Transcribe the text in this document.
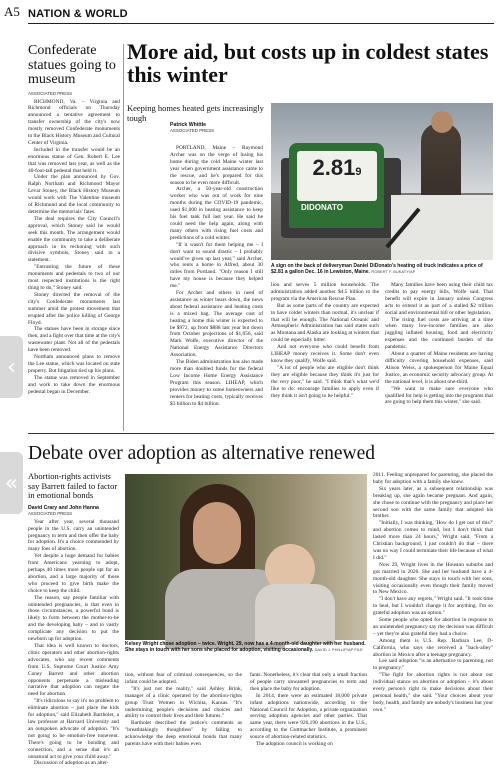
A5 NATION & WORLD
Confederate statues going to museum
ASSOCIATED PRESS

RICHMOND, Va. – Virginia and Richmond officials on Thursday announced a tentative agreement to transfer ownership of the city's now mostly removed Confederate monuments to the Black History Museum and Cultural Center of Virginia.

Included in the transfer would be an enormous statue of Gen. Robert E. Lee that was removed last year, as well as the 40-foot-tall pedestal that held it.

Under the plan announced by Gov. Ralph Northam and Richmond Mayor Levar Stoney, the Black History Museum would work with The Valentine museum of Richmond and the local community to determine the memorials' fates.

The deal requires the City Council's approval, which Stoney said he would seek this month. The arrangement would enable the community to take a deliberate approach in its reckoning with such divisive symbols, Stoney said in a statement.

"Entrusting the future of these monuments and pedestals to two of our most respected institutions is the right thing to do," Stoney said.

Stoney directed the removal of the city's Confederate monuments last summer amid the protest movement that erupted after the police killing of George Floyd.

The statues have been in storage since then, and a fight over that time at the city's wastewater plant. Not all of the pedestals have been removed.

Northam announced plans to remove the Lee statue, which was located on state property. But litigation tied up his plans.

The statue was removed in September and work to take down the enormous pedestal began in December.

More aid, but costs up in coldest states this winter
Keeping homes heated gets increasingly tough
Patrick Whittle
ASSOCIATED PRESS

PORTLAND, Maine – Raymond Archer was on the verge of losing his home during the cold Maine winter last year when government assistance came to the rescue, and he's prepared for this season to be even more difficult.

Archer, a 50-year-old construction worker who was out of work for nine months during the COVID-19 pandemic, used $1,000 in heating assistance to keep his fuel tank full last year. He said he could need the help again, along with many others with rising fuel costs and predictions of a cold winter.

"If it wasn't for them helping me – I don't want to sound drastic – I probably would've given up last year," said Archer, who rents a home in Alfred, about 30 miles from Portland. "Only reason I still have my house is because they helped me."

For Archer and others in need of assistance as winter bears down, the news about federal assistance and heating costs is a mixed bag. The average cost of heating a home this winter is expected to be $972, up from $888 last year but down from October projections of $1,056, said Mark Wolfe, executive director of the National Energy Assistance Directors Association.

The Biden administration has also made more than doubled funds for the federal Low Income Home Energy Assistance Program this season. LIHEAP, which provides money to some homeowners and renters for heating costs, typically receives $3 billion to $4 billion.

2.81 9
DIDONATO
A sign on the back of deliveryman Daniel DiDonato's heating oil truck indicates a price of $2.81 a gallon Dec. 16 in Lewiston, Maine. ROBERT F. BUKATY/AP

lion and serves 5 million households. The administration added another $4.5 billion to the program via the American Rescue Plan.

But as some parts of the country are expected to have colder winters than normal, it's unclear if that will be enough. The National Oceanic and Atmospheric Administration has said states such as Montana and Alaska are looking at winters that could be especially bitter.

And not everyone who could benefit from LIHEAP money receives it. Some don't even know they qualify, Wolfe said.

"A lot of people who are eligible don't think they are eligible because they think it's just for the very poor," he said. "I think that's what we'd like to do: encourage families to apply even if they think it isn't going to be helpful."

Many families have been using their child tax credits to pay energy bills, Wolfe said. That benefit will expire in January unless Congress acts to extend it as part of a stalled $2 trillion social and environmental bill or other legislation.

The rising fuel costs are arriving at a time when many low-income families are also juggling inflated housing, food and electricity expenses and the continued burden of the pandemic.

About a quarter of Maine residents are having difficulty covering household expenses, said Alison Weiss, a spokesperson for Maine Equal Justice, an economic security advocacy group. At the national level, it is about one-third.

"We want to make sure everyone who qualified for help is getting into the programs that are going to help them this winter," she said.

Debate over adoption as alternative renewed
Abortion-rights activists say Barrett failed to factor in emotional bonds
David Crary and John Hanna
ASSOCIATED PRESS

Year after year, several thousand people in the U.S. carry an unintended pregnancy to term and then offer the baby for adoption. It's a choice commended by many foes of abortion.

Yet despite a huge demand for babies from Americans yearning to adopt, perhaps 40 times more people opt for an abortion, and a large majority of those who proceed to give birth make the choice to keep the child.

The reason, say people familiar with unintended pregnancies, is that even in those circumstances, a powerful bond is likely to form between the mother-to-be and the developing baby – and to vastly complicate any decision to put the newborn up for adoption.

That idea is well known to doctors, clinic operators and other abortion-rights advocates, who say recent comments from U.S. Supreme Court Justice Amy Coney Barrett and other abortion opponents perpetuate a misleading narrative that adoption can negate the need for abortion.

"It's ridiculous to say it's no problem to eliminate abortion – just place the kids for adoption," said Elizabeth Bartholet, a law professor at Harvard University and an outspoken advocate of adoption. "It's not going to be emotion-free nonevent. There's going to be bonding and connection, and a sense that it's an unnatural act to give your child away."

Discussion of adoption as an alter-

Kelsey Wright chose adoption – twice. Wright, 29, now has a 4-month-old daughter with her husband. She stays in touch with her sons she placed for adoption, visiting occasionally. DAVID J. PHILLIP/AP FILE

tion, without fear of criminal consequences, so the infant could be adopted.

"It's just not the reality," said Ashley Brink, manager of a clinic operated by the abortion-rights group Trust Women in Wichita, Kansas. "It's undermining people's decisions and choices and ability to control their lives and their futures."

Bartholet described the justice's comments as "breathtakingly thoughtless" by failing to acknowledge the deep emotional bonds that many parents have with their babies even

fants. Nonetheless, it's clear that only a small fraction of people carry unwanted pregnancies to term and then place the baby for adoption.

In 2014, there were an estimated 18,000 private infant adoptions nationwide, according to the National Council for Adoption, a private organization serving adoption agencies and other parties. That same year, there were 926,190 abortions in the U.S., according to the Guttmacher Institute, a prominent source of abortion-related statistics.

The adoption council is working on

2011. Feeling unprepared for parenting, she placed the baby for adoption with a family she knew.

Six years later, as a subsequent relationship was breaking up, she again became pregnant. And again, she chose to continue with the pregnancy and place her second son with the same family that adopted his brother.

"Initially, I was thinking, 'How do I get out of this?' and abortion comes to mind, but I don't think that lasted more than 24 hours," Wright said. "From a Christian background, I just couldn't do that – there was no way I could terminate their life because of what I did."

Now 29, Wright lives in the Houston suburbs and got married in 2020. She and her husband have a 4-month-old daughter. She stays in touch with her sons, visiting occasionally even though their family moved to New Mexico.

"I don't have any regrets," Wright said. "It took time to heal, but I wouldn't change it for anything. I'm so grateful adoption was an option."

Some people who opted for abortion in response to an unintended pregnancy say the decision was difficult – yet they're also grateful they had a choice.

Among them is U.S. Rep. Barbara Lee, D-California, who says she received a "back-alley" abortion in Mexico after a teenage pregnancy.

Lee said adoption "is an alternative to parenting, not to pregnancy."

"The fight for abortion rights is not about our individual stance on abortion or adoption – it's about every person's right to make decisions about their personal health," she said. "Your choices about your body, health, and family are nobody's business but your own."

‹
«
